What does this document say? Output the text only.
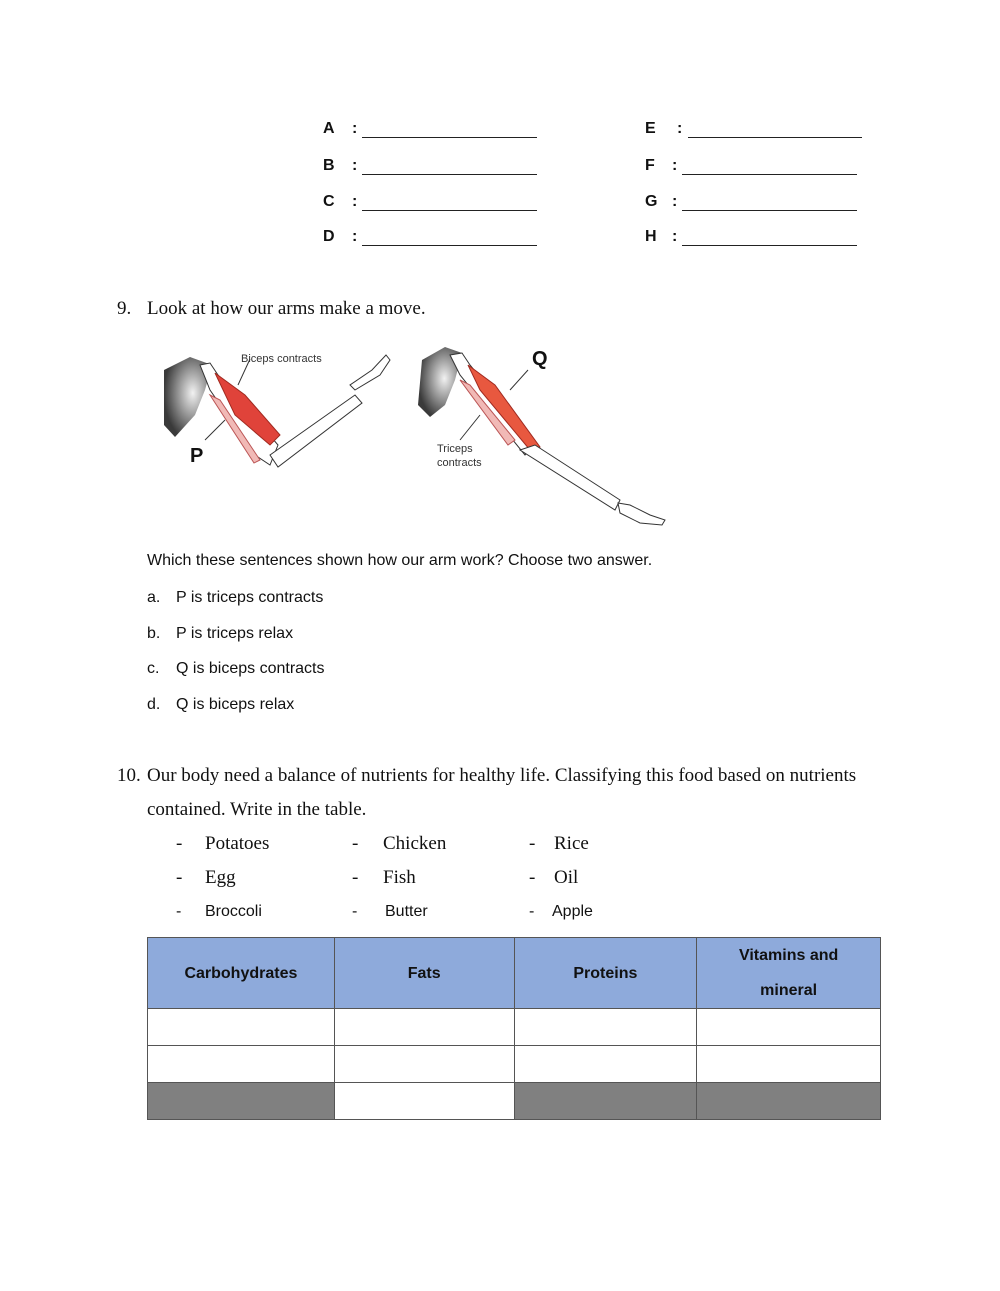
A :
B :
C :
D :
E :
F :
G :
H :
9. Look at how our arms make a move.
Biceps contracts
P
Q
Triceps
contracts
Which these sentences shown how our arm work? Choose two answer.
a. P is triceps contracts
b. P is triceps relax
c. Q is biceps contracts
d. Q is biceps relax
10. Our body need a balance of nutrients for healthy life. Classifying this food based on nutrients
contained. Write in the table.
- Potatoes	- Chicken	- Rice
- Egg	- Fish	- Oil
- Broccoli	- Butter	- Apple
Carbohydrates	Fats	Proteins	Vitamins and
mineral
